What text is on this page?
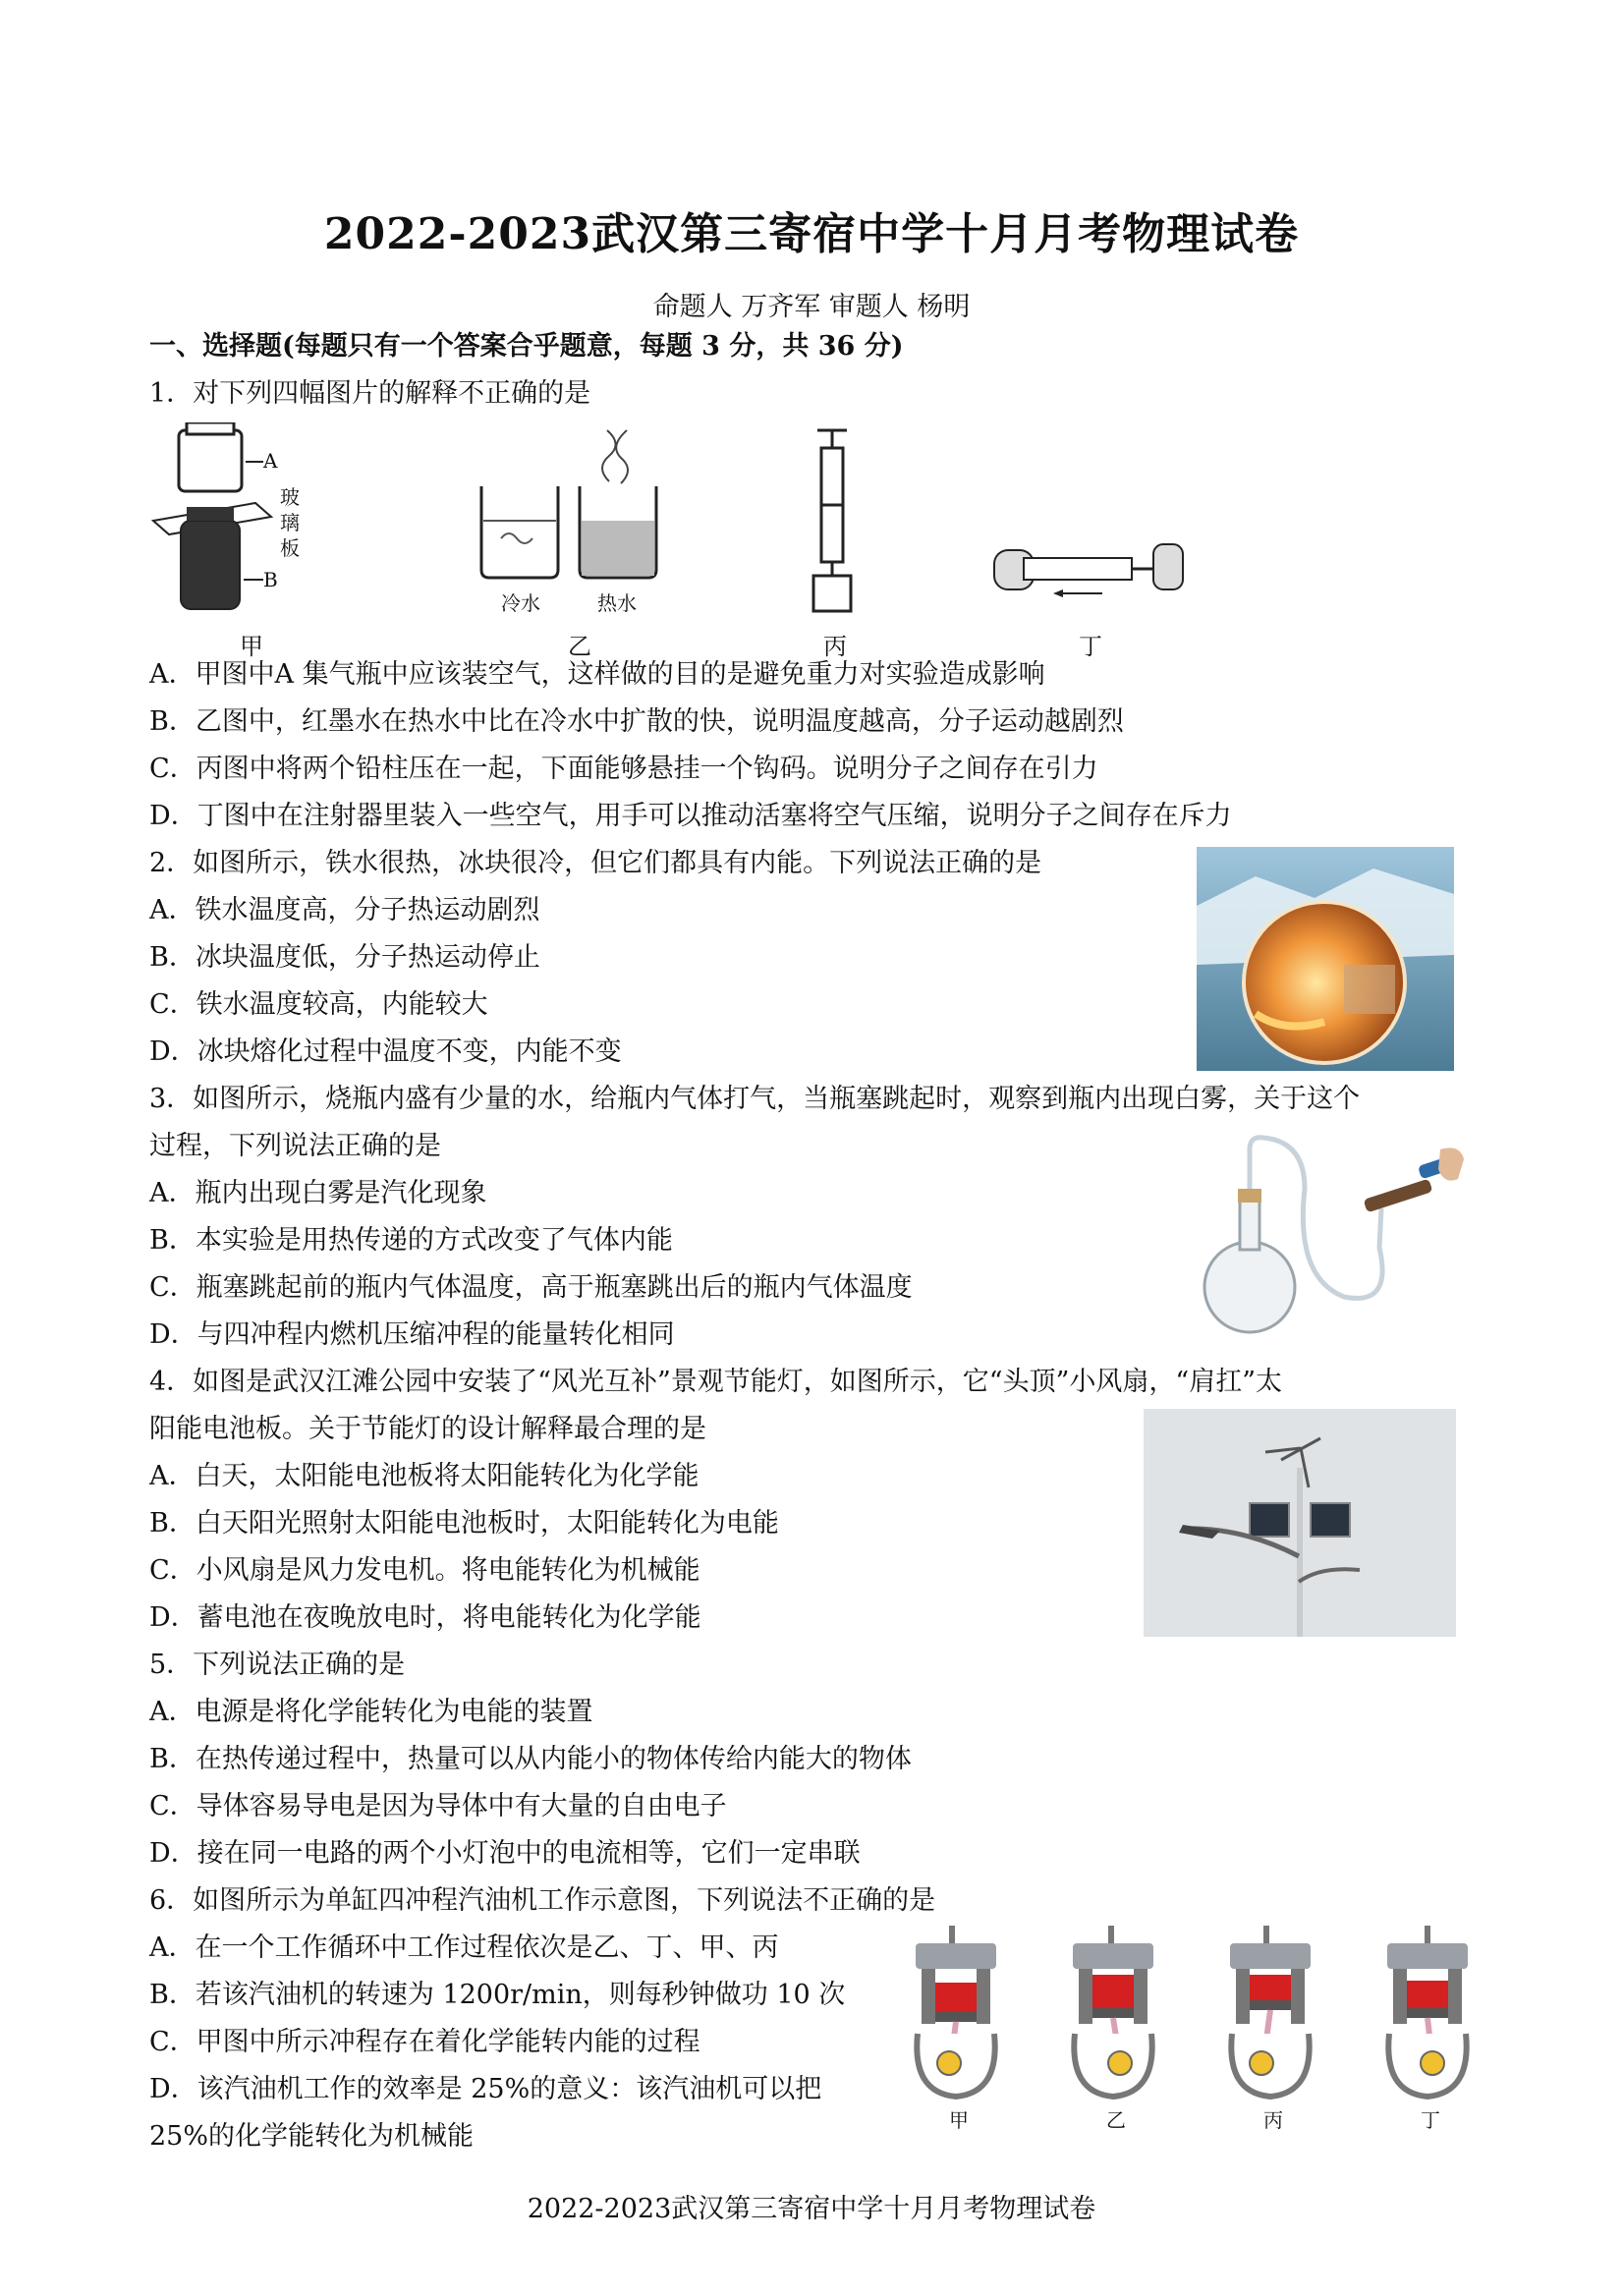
2022-2023武汉第三寄宿中学十月月考物理试卷
命题人 万齐军 审题人 杨明
一、选择题(每题只有一个答案合乎题意，每题 3 分，共 36 分)
1．对下列四幅图片的解释不正确的是
A
B
玻
璃
板
冷水	热水
甲	乙	丙	丁
A．甲图中A 集气瓶中应该装空气，这样做的目的是避免重力对实验造成影响
B．乙图中，红墨水在热水中比在冷水中扩散的快，说明温度越高，分子运动越剧烈
C．丙图中将两个铅柱压在一起，下面能够悬挂一个钩码。说明分子之间存在引力
D．丁图中在注射器里装入一些空气，用手可以推动活塞将空气压缩，说明分子之间存在斥力
2．如图所示，铁水很热，冰块很冷，但它们都具有内能。下列说法正确的是
A．铁水温度高，分子热运动剧烈
B．冰块温度低，分子热运动停止
C．铁水温度较高，内能较大
D．冰块熔化过程中温度不变，内能不变
3．如图所示，烧瓶内盛有少量的水，给瓶内气体打气，当瓶塞跳起时，观察到瓶内出现白雾，关于这个
过程，下列说法正确的是
A．瓶内出现白雾是汽化现象
B．本实验是用热传递的方式改变了气体内能
C．瓶塞跳起前的瓶内气体温度，高于瓶塞跳出后的瓶内气体温度
D．与四冲程内燃机压缩冲程的能量转化相同
4．如图是武汉江滩公园中安装了“风光互补”景观节能灯，如图所示，它“头顶”小风扇，“肩扛”太
阳能电池板。关于节能灯的设计解释最合理的是
A．白天，太阳能电池板将太阳能转化为化学能
B．白天阳光照射太阳能电池板时，太阳能转化为电能
C．小风扇是风力发电机。将电能转化为机械能
D．蓄电池在夜晚放电时，将电能转化为化学能
5．下列说法正确的是
A．电源是将化学能转化为电能的装置
B．在热传递过程中，热量可以从内能小的物体传给内能大的物体
C．导体容易导电是因为导体中有大量的自由电子
D．接在同一电路的两个小灯泡中的电流相等，它们一定串联
6．如图所示为单缸四冲程汽油机工作示意图，下列说法不正确的是
A．在一个工作循环中工作过程依次是乙、丁、甲、丙
B．若该汽油机的转速为 1200r/min，则每秒钟做功 10 次
C．甲图中所示冲程存在着化学能转内能的过程
D．该汽油机工作的效率是 25%的意义：该汽油机可以把
25%的化学能转化为机械能
甲	乙	丙	丁
2022-2023武汉第三寄宿中学十月月考物理试卷
